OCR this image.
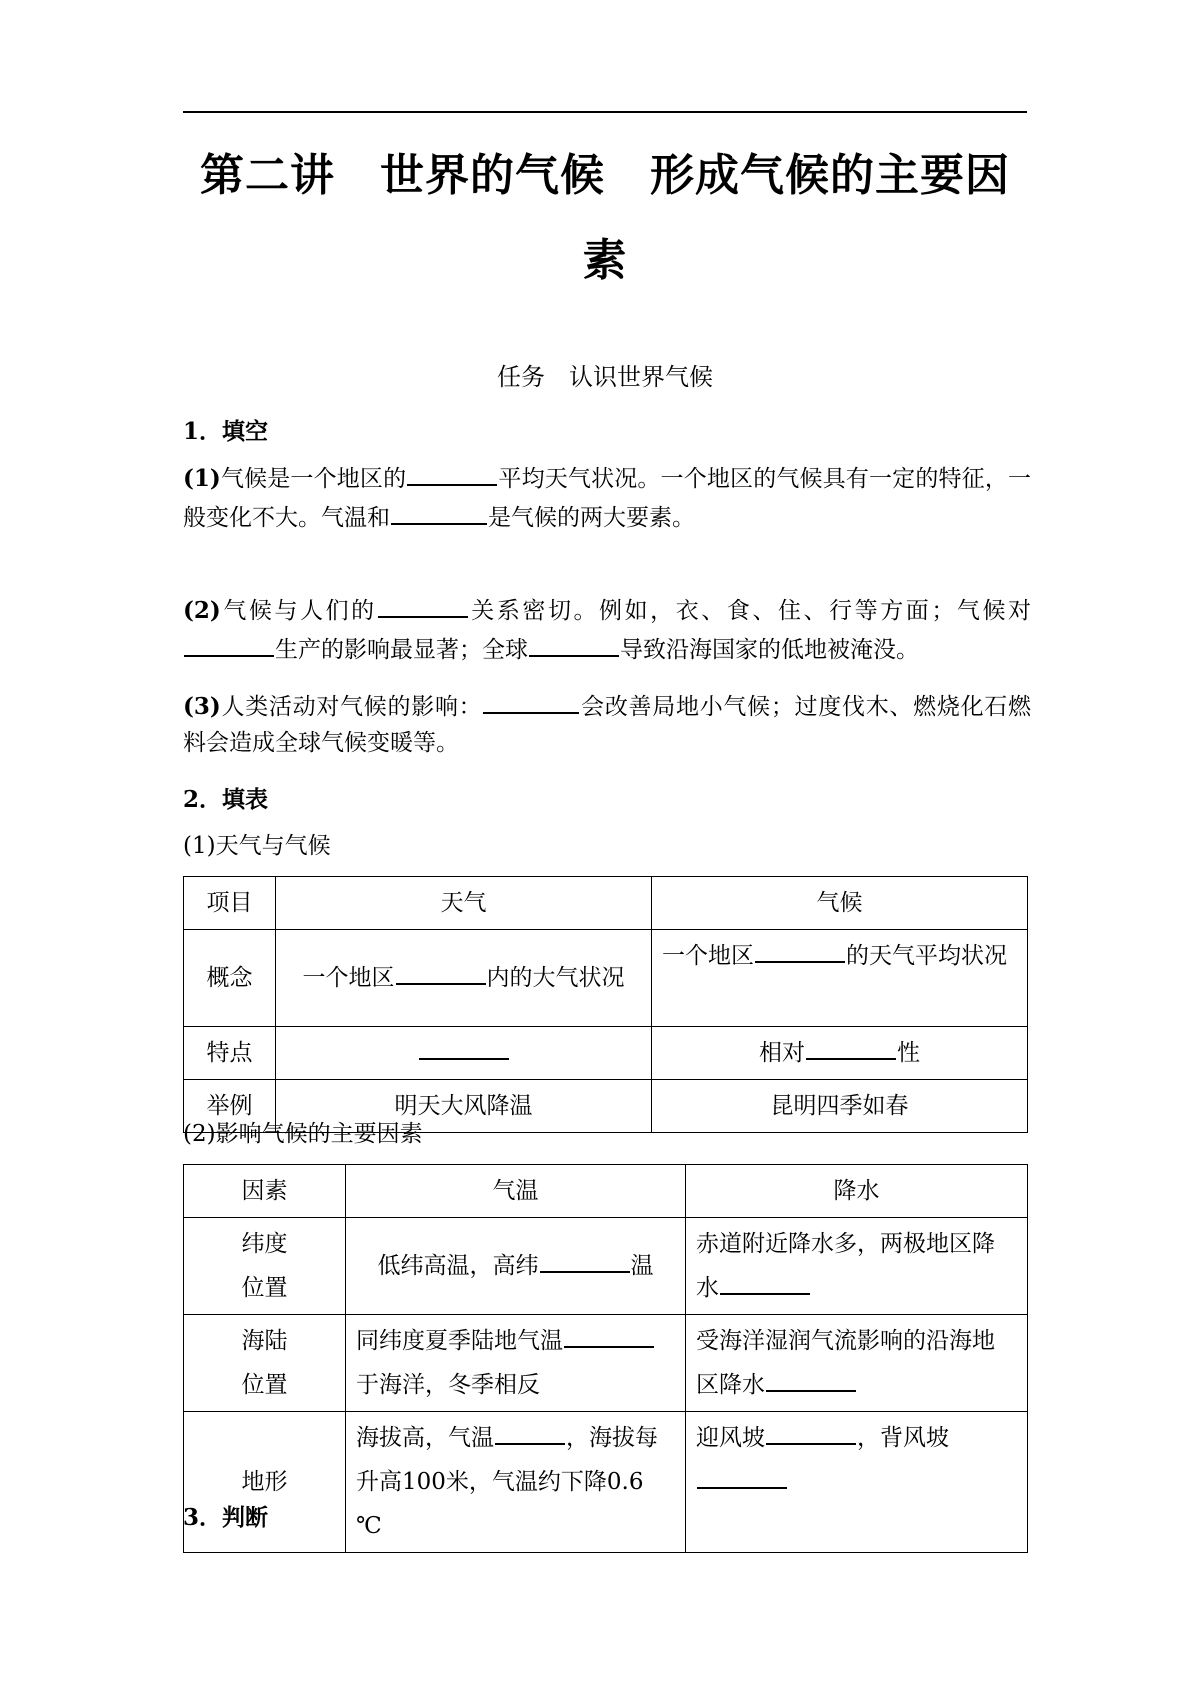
第二讲　世界的气候　形成气候的主要因
素
任务　认识世界气候
1．填空
(1)气候是一个地区的	平均天气状况。一个地区的气候具有一定的特征，一般变化不大。气温和	是气候的两大要素。
(2)气候与人们的	关系密切。例如，衣、食、住、行等方面；气候对生产的影响最显著；全球	导致沿海国家的低地被淹没。
(3)人类活动对气候的影响：	会改善局地小气候；过度伐木、燃烧化石燃料会造成全球气候变暖等。
2．填表
(1)天气与气候
项目	天气	气候
概念	一个地区 内的大气状况	一个地区 的天气平均状况
特点		相对 性
举例	明天大风降温	昆明四季如春
(2)影响气候的主要因素
因素	气温	降水

纬度
位置	低纬高温，高纬 温	赤道附近降水多，两极地区降水

海陆
位置	同纬度夏季陆地气温于海洋，冬季相反	受海洋湿润气流影响的沿海地区降水
地形	海拔高，气温 ，海拔每升高100米，气温约下降0.6 ℃	迎风坡 ，背风坡

3．判断
